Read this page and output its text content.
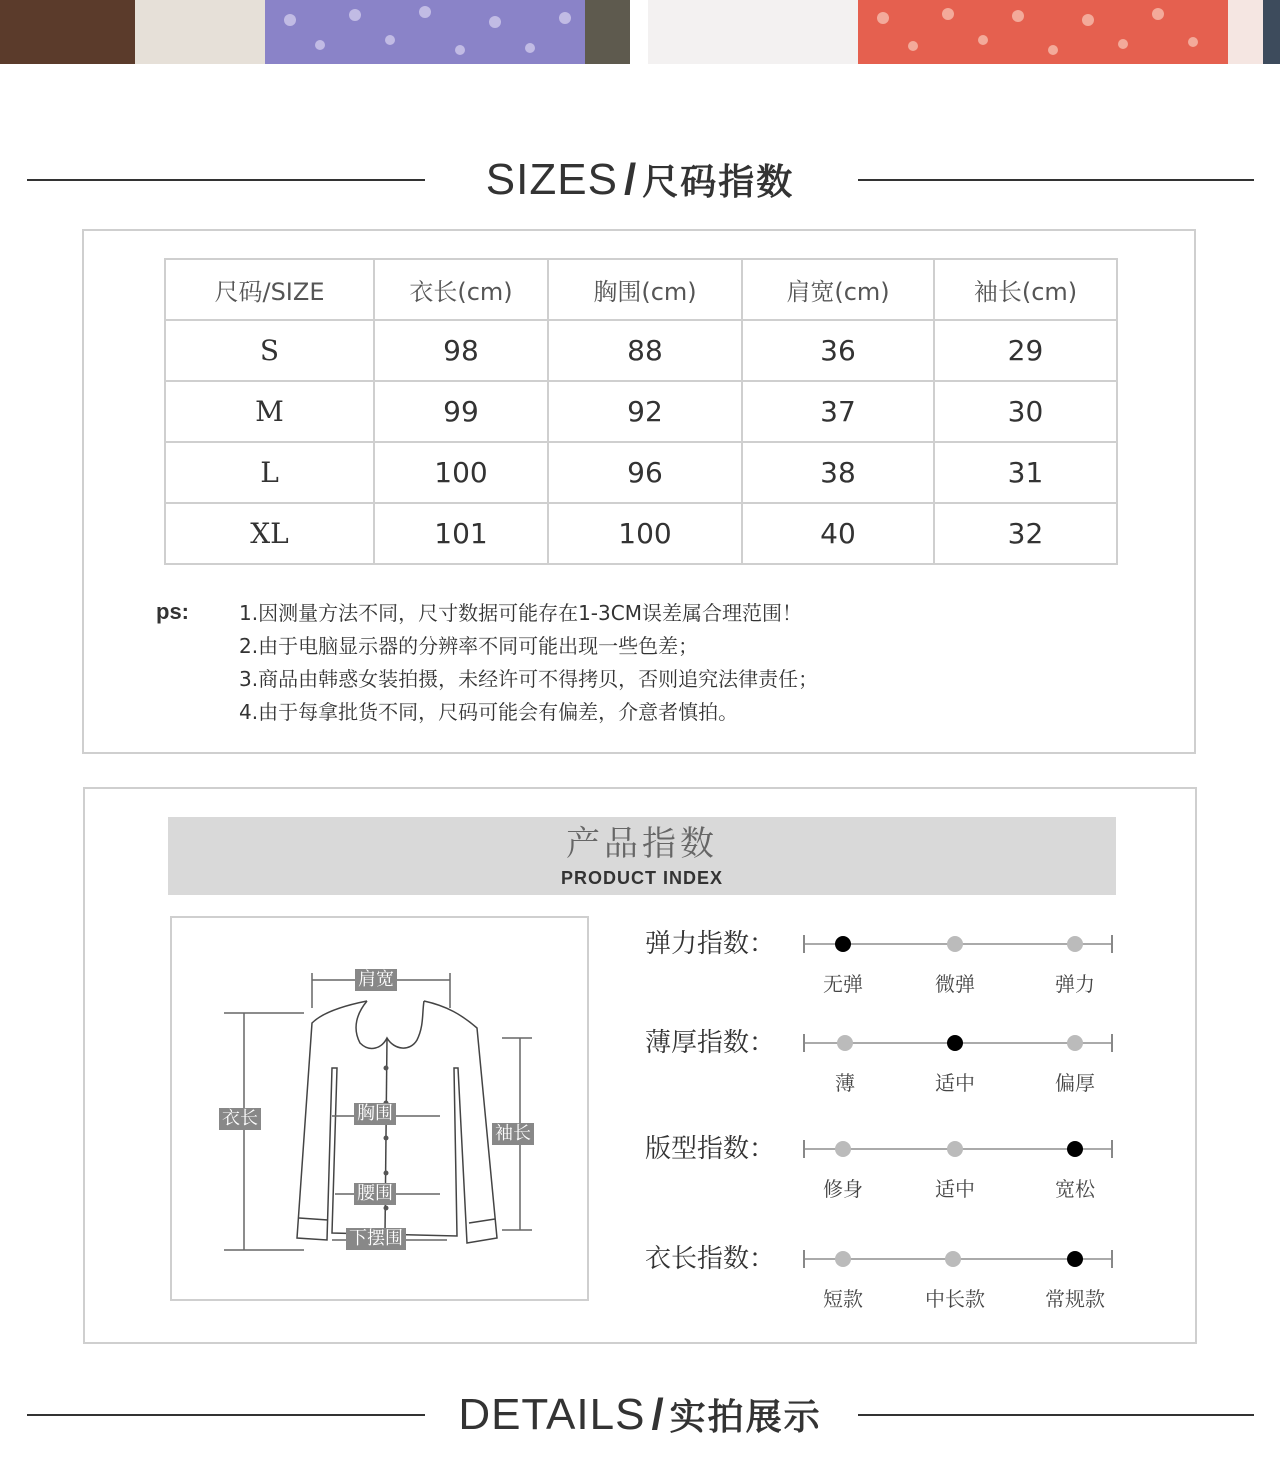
SIZES / 尺码指数
尺码/SIZE	衣长(cm)	胸围(cm)	肩宽(cm)	袖长(cm)
S	98	88	36	29
M	99	92	37	30
L	100	96	38	31
XL	101	100	40	32
ps:	1.因测量方法不同，尺寸数据可能存在1-3CM误差属合理范围！
2.由于电脑显示器的分辨率不同可能出现一些色差；
3.商品由韩惑女装拍摄，未经许可不得拷贝，否则追究法律责任；
4.由于每拿批货不同，尺码可能会有偏差，介意者慎拍。
产品指数
PRODUCT INDEX
肩宽
衣长	胸围
袖长
腰围
下摆围
弹力指数：
无弹	微弹	弹力
薄厚指数：
薄	适中	偏厚
版型指数：
修身	适中	宽松
衣长指数：
短款	中长款	常规款
DETAILS / 实拍展示
